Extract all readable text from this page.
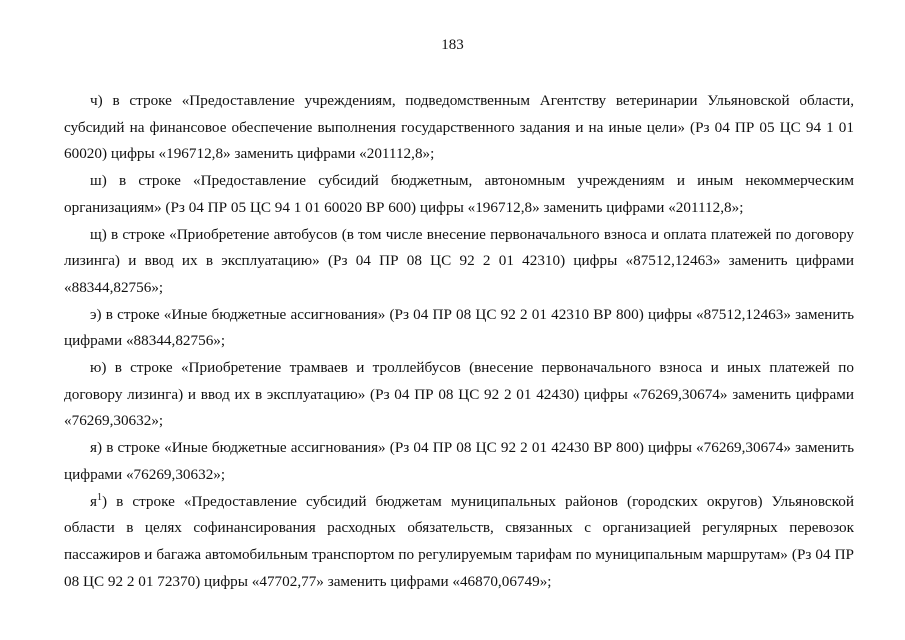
183

ч) в строке «Предоставление учреждениям, подведомственным Агентству ветеринарии Ульяновской области, субсидий на финансовое обеспечение выполнения государственного задания и на иные цели» (Рз 04 ПР 05 ЦС 94 1 01 60020) цифры «196712,8» заменить цифрами «201112,8»;

ш) в строке «Предоставление субсидий бюджетным, автономным учреждениям и иным некоммерческим организациям» (Рз 04 ПР 05 ЦС 94 1 01 60020 ВР 600) цифры «196712,8» заменить цифрами «201112,8»;

щ) в строке «Приобретение автобусов (в том числе внесение первоначального взноса и оплата платежей по договору лизинга) и ввод их в эксплуатацию» (Рз 04 ПР 08 ЦС 92 2 01 42310) цифры «87512,12463» заменить цифрами «88344,82756»;

э) в строке «Иные бюджетные ассигнования» (Рз 04 ПР 08 ЦС 92 2 01 42310 ВР 800) цифры «87512,12463» заменить цифрами «88344,82756»;

ю) в строке «Приобретение трамваев и троллейбусов (внесение первоначального взноса и иных платежей по договору лизинга) и ввод их в эксплуатацию» (Рз 04 ПР 08 ЦС 92 2 01 42430) цифры «76269,30674» заменить цифрами «76269,30632»;

я) в строке «Иные бюджетные ассигнования» (Рз 04 ПР 08 ЦС 92 2 01 42430 ВР 800) цифры «76269,30674» заменить цифрами «76269,30632»;

$я^1$) в строке «Предоставление субсидий бюджетам муниципальных районов (городских округов) Ульяновской области в целях софинансирования расходных обязательств, связанных с организацией регулярных перевозок пассажиров и багажа автомобильным транспортом по регулируемым тарифам по муниципальным маршрутам» (Рз 04 ПР 08 ЦС 92 2 01 72370) цифры «47702,77» заменить цифрами «46870,06749»;
